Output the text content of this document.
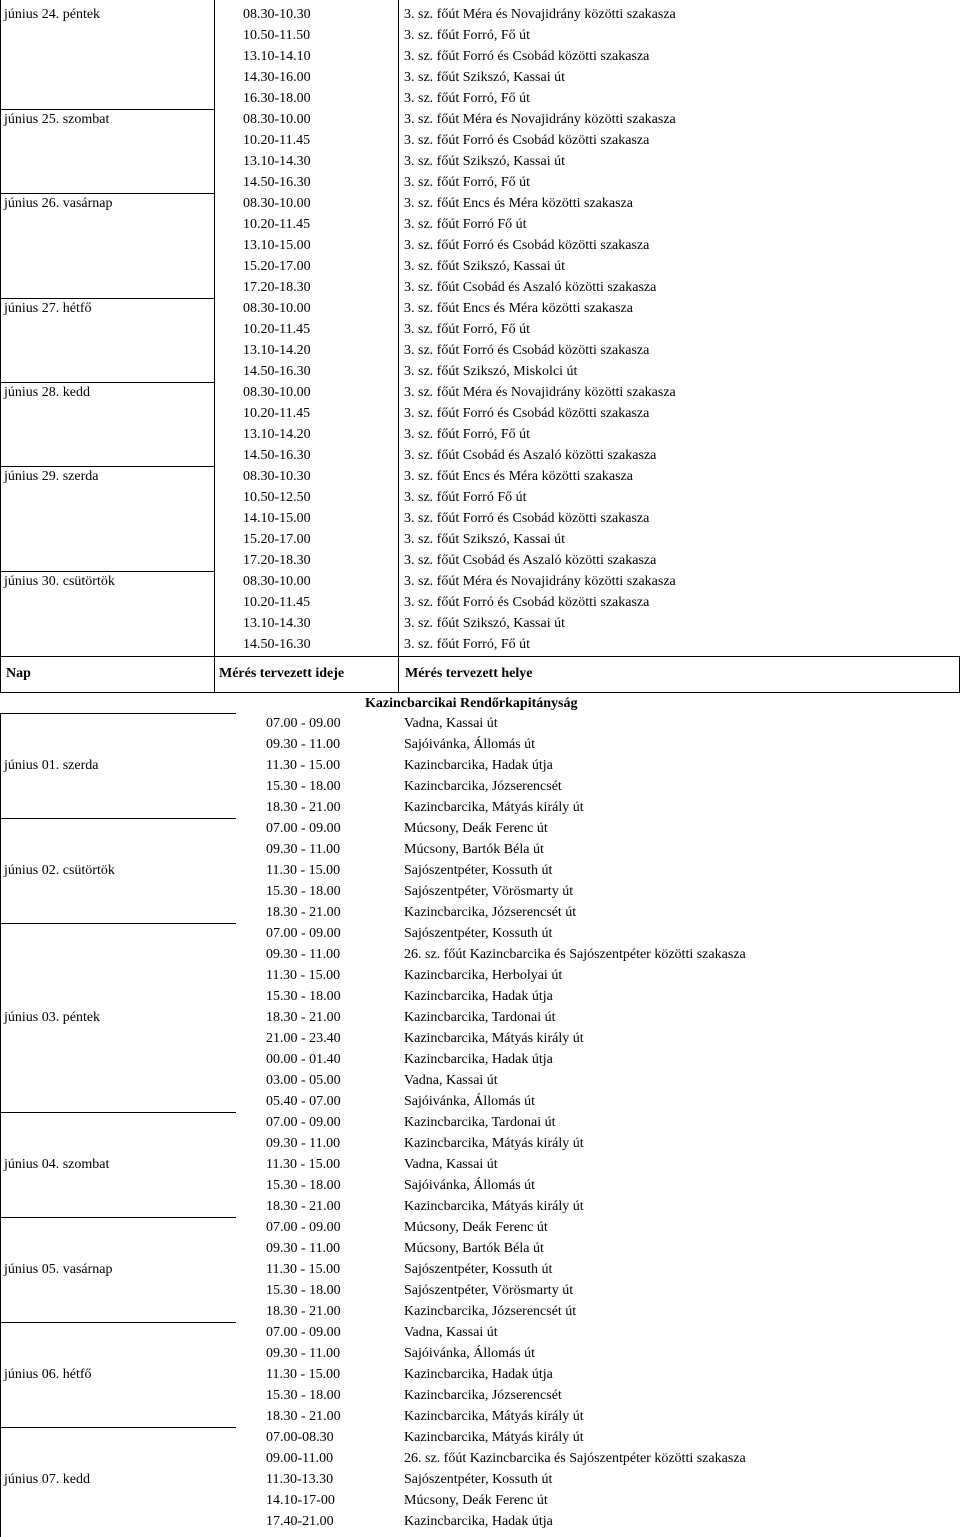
Nap	Mérés tervezett ideje	Mérés tervezett helye
Kazincbarcikai Rendőrkapitányság
június 24. péntek	08.30-10.30	3. sz. főút Méra és Novajidrány közötti szakasza
10.50-11.50	3. sz. főút Forró, Fő út
13.10-14.10	3. sz. főút Forró és Csobád közötti szakasza
14.30-16.00	3. sz. főút Szikszó, Kassai út
16.30-18.00	3. sz. főút Forró, Fő út
június 25. szombat	08.30-10.00	3. sz. főút Méra és Novajidrány közötti szakasza
10.20-11.45	3. sz. főút Forró és Csobád közötti szakasza
13.10-14.30	3. sz. főút Szikszó, Kassai út
14.50-16.30	3. sz. főút Forró, Fő út
június 26. vasárnap	08.30-10.00	3. sz. főút Encs és Méra közötti szakasza
10.20-11.45	3. sz. főút Forró Fő út
13.10-15.00	3. sz. főút Forró és Csobád közötti szakasza
15.20-17.00	3. sz. főút Szikszó, Kassai út
17.20-18.30	3. sz. főút Csobád és Aszaló közötti szakasza
június 27. hétfő	08.30-10.00	3. sz. főút Encs és Méra közötti szakasza
10.20-11.45	3. sz. főút Forró, Fő út
13.10-14.20	3. sz. főút Forró és Csobád közötti szakasza
14.50-16.30	3. sz. főút Szikszó, Miskolci út
június 28. kedd	08.30-10.00	3. sz. főút Méra és Novajidrány közötti szakasza
10.20-11.45	3. sz. főút Forró és Csobád közötti szakasza
13.10-14.20	3. sz. főút Forró, Fő út
14.50-16.30	3. sz. főút Csobád és Aszaló közötti szakasza
június 29. szerda	08.30-10.30	3. sz. főút Encs és Méra közötti szakasza
10.50-12.50	3. sz. főút Forró Fő út
14.10-15.00	3. sz. főút Forró és Csobád közötti szakasza
15.20-17.00	3. sz. főút Szikszó, Kassai út
17.20-18.30	3. sz. főút Csobád és Aszaló közötti szakasza
június 30. csütörtök	08.30-10.00	3. sz. főút Méra és Novajidrány közötti szakasza
10.20-11.45	3. sz. főút Forró és Csobád közötti szakasza
13.10-14.30	3. sz. főút Szikszó, Kassai út
14.50-16.30	3. sz. főút Forró, Fő út
június 01. szerda
07.00 - 09.00	Vadna, Kassai út
09.30 - 11.00	Sajóivánka, Állomás út
11.30 - 15.00	Kazincbarcika, Hadak útja
15.30 - 18.00	Kazincbarcika, Józserencsét
18.30 - 21.00	Kazincbarcika, Mátyás király út
június 02. csütörtök
07.00 - 09.00	Múcsony, Deák Ferenc út
09.30 - 11.00	Múcsony, Bartók Béla út
11.30 - 15.00	Sajószentpéter, Kossuth út
15.30 - 18.00	Sajószentpéter, Vörösmarty út
18.30 - 21.00	Kazincbarcika, Józserencsét út
június 03. péntek
07.00 - 09.00	Sajószentpéter, Kossuth út
09.30 - 11.00	26. sz. főút Kazincbarcika és Sajószentpéter közötti szakasza
11.30 - 15.00	Kazincbarcika, Herbolyai út
15.30 - 18.00	Kazincbarcika, Hadak útja
18.30 - 21.00	Kazincbarcika, Tardonai út
21.00 - 23.40	Kazincbarcika, Mátyás király út
00.00 - 01.40	Kazincbarcika, Hadak útja
03.00 - 05.00	Vadna, Kassai út
05.40 - 07.00	Sajóivánka, Állomás út
június 04. szombat
07.00 - 09.00	Kazincbarcika, Tardonai út
09.30 - 11.00	Kazincbarcika, Mátyás király út
11.30 - 15.00	Vadna, Kassai út
15.30 - 18.00	Sajóivánka, Állomás út
18.30 - 21.00	Kazincbarcika, Mátyás király út
június 05. vasárnap
07.00 - 09.00	Múcsony, Deák Ferenc út
09.30 - 11.00	Múcsony, Bartók Béla út
11.30 - 15.00	Sajószentpéter, Kossuth út
15.30 - 18.00	Sajószentpéter, Vörösmarty út
18.30 - 21.00	Kazincbarcika, Józserencsét út
június 06. hétfő
07.00 - 09.00	Vadna, Kassai út
09.30 - 11.00	Sajóivánka, Állomás út
11.30 - 15.00	Kazincbarcika, Hadak útja
15.30 - 18.00	Kazincbarcika, Józserencsét
18.30 - 21.00	Kazincbarcika, Mátyás király út
június 07. kedd
07.00-08.30	Kazincbarcika, Mátyás király út
09.00-11.00	26. sz. főút Kazincbarcika és Sajószentpéter közötti szakasza
11.30-13.30	Sajószentpéter, Kossuth út
14.10-17-00	Múcsony, Deák Ferenc út
17.40-21.00	Kazincbarcika, Hadak útja
